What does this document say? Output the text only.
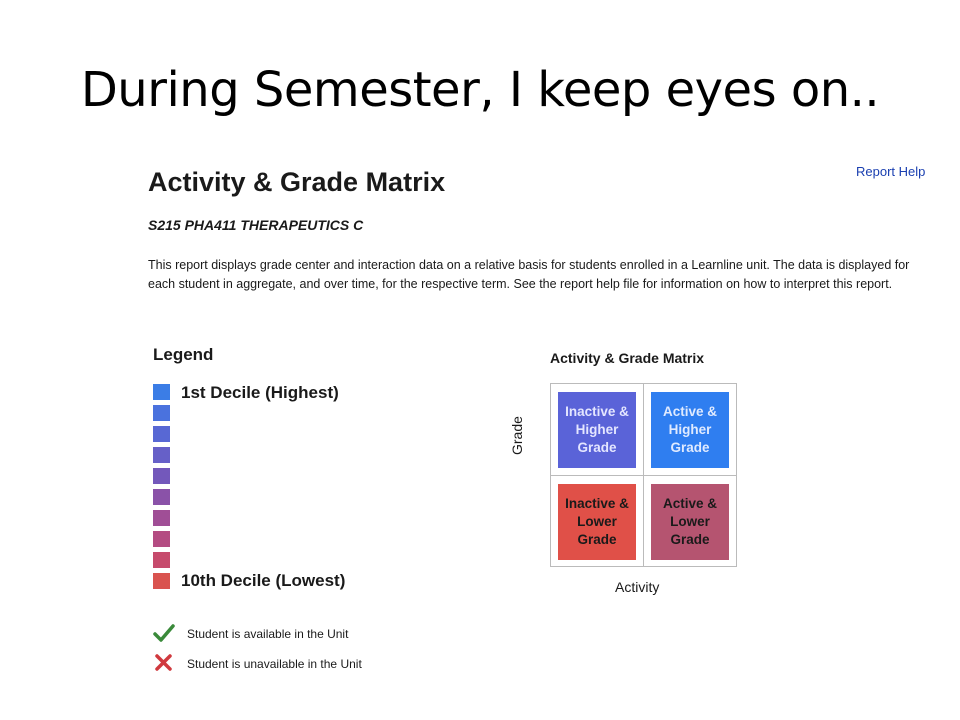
During Semester, I keep eyes on..
Activity & Grade Matrix	Report Help
S215 PHA411 THERAPEUTICS C
This report displays grade center and interaction data on a relative basis for students enrolled in a Learnline unit. The data is displayed for each student in aggregate, and over time, for the respective term. See the report help file for information on how to interpret this report.
Legend
1st Decile (Highest)
10th Decile (Lowest)
Student is available in the Unit
Student is unavailable in the Unit
Activity & Grade Matrix
Inactive & Higher Grade
Active & Higher Grade
Inactive & Lower Grade
Active & Lower Grade
Grade
Activity
